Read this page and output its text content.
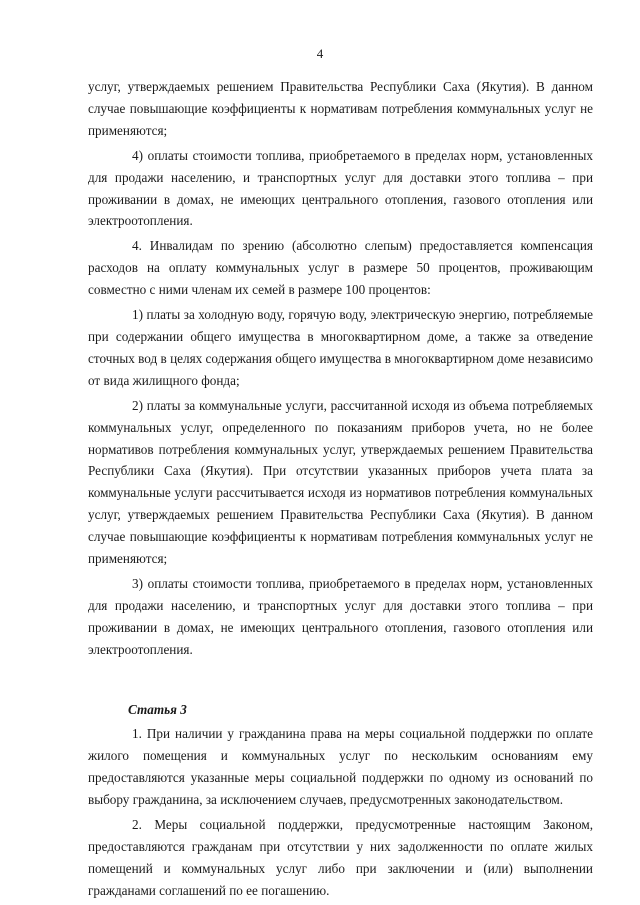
4

услуг, утверждаемых решением Правительства Республики Саха (Якутия). В данном случае повышающие коэффициенты к нормативам потребления коммунальных услуг не применяются;

4) оплаты стоимости топлива, приобретаемого в пределах норм, установленных для продажи населению, и транспортных услуг для доставки этого топлива – при проживании в домах, не имеющих центрального отопления, газового отопления или электроотопления.

4. Инвалидам по зрению (абсолютно слепым) предоставляется компенсация расходов на оплату коммунальных услуг в размере 50 процентов, проживающим совместно с ними членам их семей в размере 100 процентов:

1) платы за холодную воду, горячую воду, электрическую энергию, потребляемые при содержании общего имущества в многоквартирном доме, а также за отведение сточных вод в целях содержания общего имущества в многоквартирном доме независимо от вида жилищного фонда;

2) платы за коммунальные услуги, рассчитанной исходя из объема потребляемых коммунальных услуг, определенного по показаниям приборов учета, но не более нормативов потребления коммунальных услуг, утверждаемых решением Правительства Республики Саха (Якутия). При отсутствии указанных приборов учета плата за коммунальные услуги рассчитывается исходя из нормативов потребления коммунальных услуг, утверждаемых решением Правительства Республики Саха (Якутия). В данном случае повышающие коэффициенты к нормативам потребления коммунальных услуг не применяются;

3) оплаты стоимости топлива, приобретаемого в пределах норм, установленных для продажи населению, и транспортных услуг для доставки этого топлива – при проживании в домах, не имеющих центрального отопления, газового отопления или электроотопления.

Статья 3

1. При наличии у гражданина права на меры социальной поддержки по оплате жилого помещения и коммунальных услуг по нескольким основаниям ему предоставляются указанные меры социальной поддержки по одному из оснований по выбору гражданина, за исключением случаев, предусмотренных законодательством.

2. Меры социальной поддержки, предусмотренные настоящим Законом, предоставляются гражданам при отсутствии у них задолженности по оплате жилых помещений и коммунальных услуг либо при заключении и (или) выполнении гражданами соглашений по ее погашению.
